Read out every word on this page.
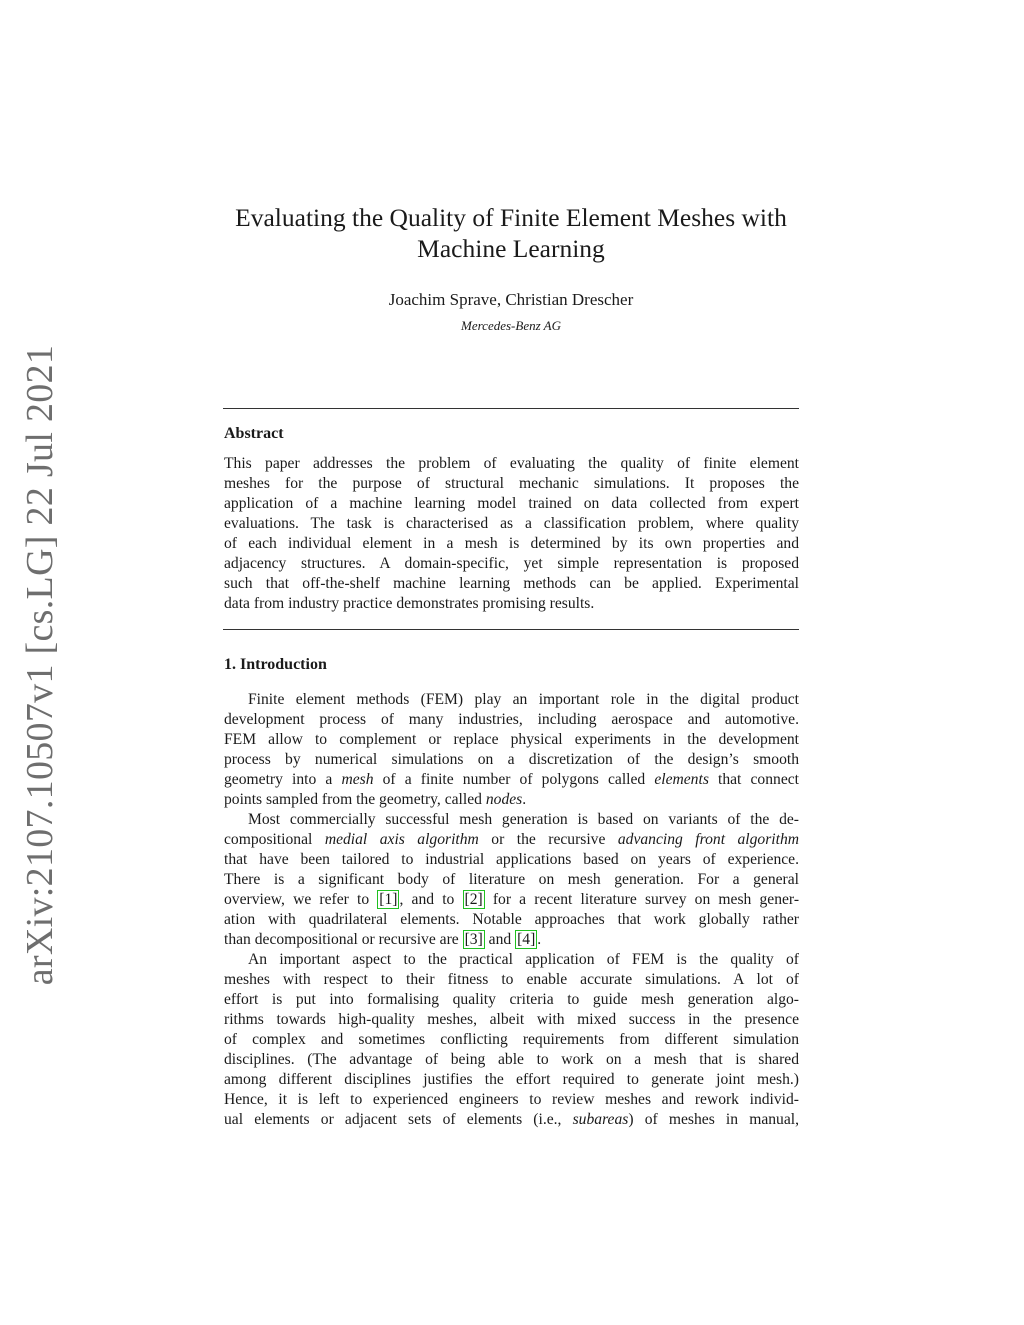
arXiv:2107.10507v1 [cs.LG] 22 Jul 2021
Evaluating the Quality of Finite Element Meshes with
Machine Learning
Joachim Sprave, Christian Drescher
Mercedes-Benz AG
Abstract
This paper addresses the problem of evaluating the quality of finite element
meshes for the purpose of structural mechanic simulations. It proposes the
application of a machine learning model trained on data collected from expert
evaluations. The task is characterised as a classification problem, where quality
of each individual element in a mesh is determined by its own properties and
adjacency structures. A domain-specific, yet simple representation is proposed
such that off-the-shelf machine learning methods can be applied. Experimental
data from industry practice demonstrates promising results.
1. Introduction
Finite element methods (FEM) play an important role in the digital product
development process of many industries, including aerospace and automotive.
FEM allow to complement or replace physical experiments in the development
process by numerical simulations on a discretization of the design’s smooth
geometry into a mesh of a finite number of polygons called elements that connect
points sampled from the geometry, called nodes.
Most commercially successful mesh generation is based on variants of the de-
compositional medial axis algorithm or the recursive advancing front algorithm
that have been tailored to industrial applications based on years of experience.
There is a significant body of literature on mesh generation. For a general
overview, we refer to [1] , and to [2] for a recent literature survey on mesh gener-
ation with quadrilateral elements. Notable approaches that work globally rather
than decompositional or recursive are [3] and [4] .
An important aspect to the practical application of FEM is the quality of
meshes with respect to their fitness to enable accurate simulations. A lot of
effort is put into formalising quality criteria to guide mesh generation algo-
rithms towards high-quality meshes, albeit with mixed success in the presence
of complex and sometimes conflicting requirements from different simulation
disciplines. (The advantage of being able to work on a mesh that is shared
among different disciplines justifies the effort required to generate joint mesh.)
Hence, it is left to experienced engineers to review meshes and rework individ-
ual elements or adjacent sets of elements (i.e., subareas) of meshes in manual,
